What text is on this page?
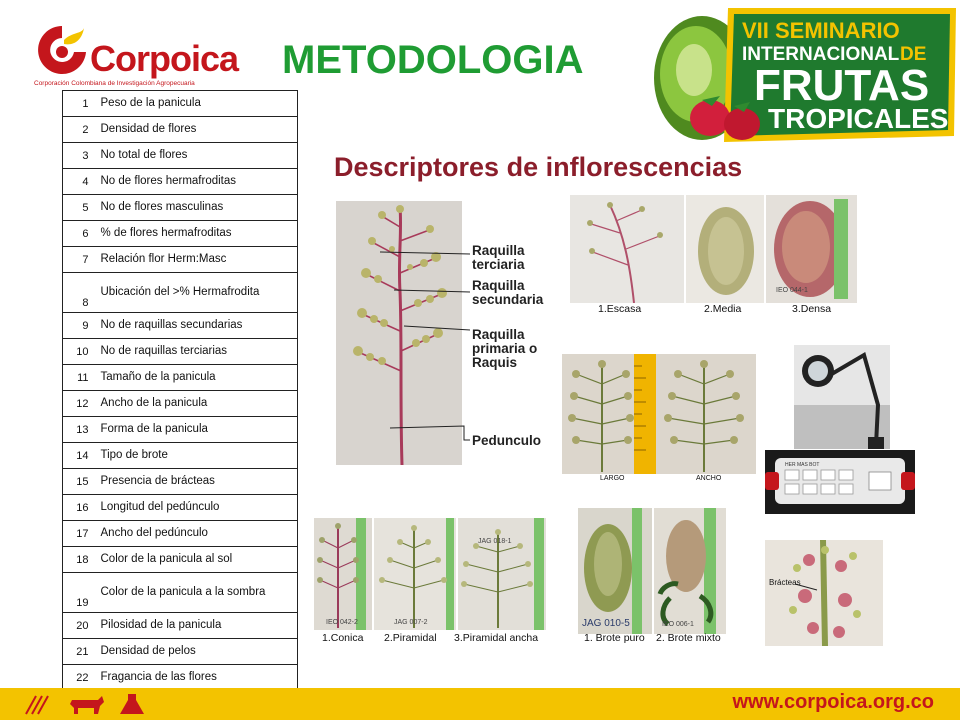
Corpoica
Corporación Colombiana de Investigación Agropecuaria
METODOLOGIA
VII SEMINARIO
INTERNACIONAL DE
FRUTAS
TROPICALES
Descriptores de inflorescencias
1	Peso de la panicula
2	Densidad de flores
3	No total de flores
4	No de flores hermafroditas
5	No de flores masculinas
6	% de flores hermafroditas
7	Relación flor Herm:Masc
8	Ubicación del >% Hermafrodita
9	No de raquillas secundarias
10	No de raquillas terciarias
11	Tamaño de la panicula
12	Ancho de la panicula
13	Forma de la panicula
14	Tipo de brote
15	Presencia de brácteas
16	Longitud del pedúnculo
17	Ancho del pedúnculo
18	Color de la panicula al sol
19	Color de la panicula a la sombra
20	Pilosidad de la panicula
21	Densidad de pelos
22	Fragancia de las flores
Raquilla terciaria
Raquilla secundaria
Raquilla primaria o Raquis
Pedunculo
1.Escasa	2.Media	3.Densa
IEO 044-1
LARGO	ANCHO
HER MAS BOT
IEO 042-2	JAG 007-2
JAG 018-1
1.Conica 2.Piramidal 3.Piramidal ancha
JAG 010-5	IEO 006-1
1. Brote puro 2. Brote mixto
Brácteas
www.corpoica.org.co
